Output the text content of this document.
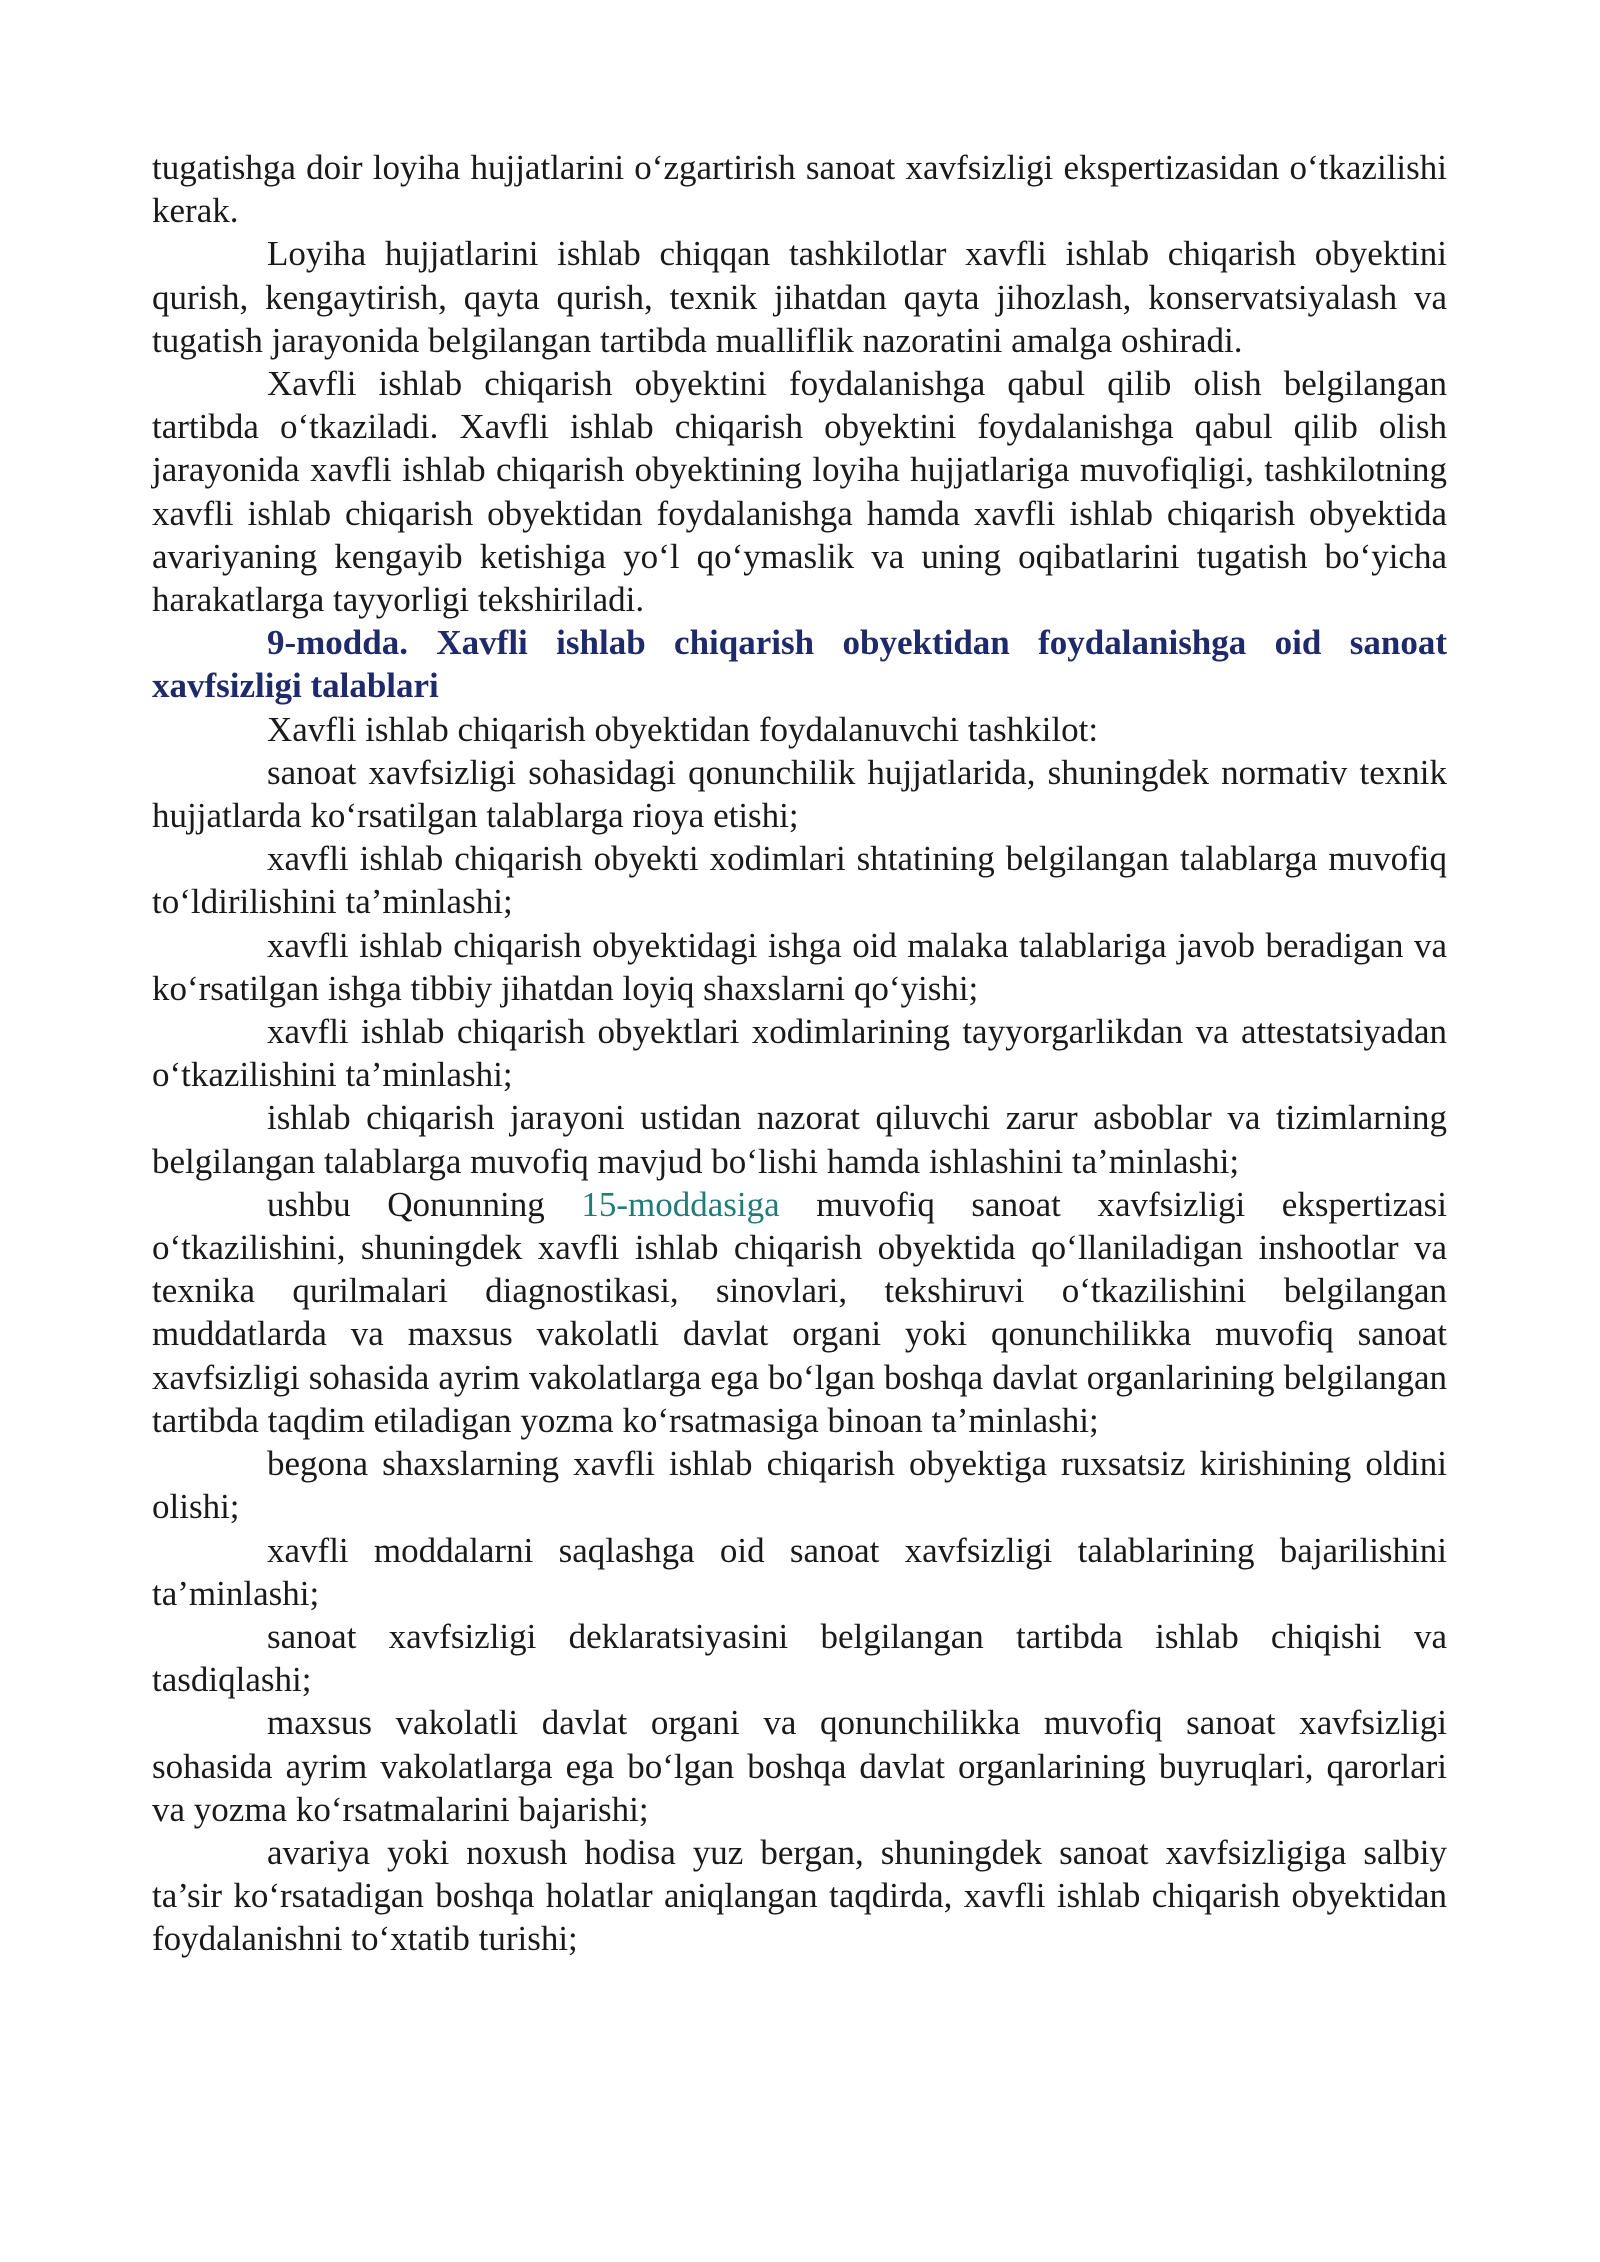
tugatishga doir loyiha hujjatlarini o‘zgartirish sanoat xavfsizligi ekspertizasidan o‘tkazilishi kerak.

Loyiha hujjatlarini ishlab chiqqan tashkilotlar xavfli ishlab chiqarish obyektini qurish, kengaytirish, qayta qurish, texnik jihatdan qayta jihozlash, konservatsiyalash va tugatish jarayonida belgilangan tartibda mualliflik nazoratini amalga oshiradi.

Xavfli ishlab chiqarish obyektini foydalanishga qabul qilib olish belgilangan tartibda o‘tkaziladi. Xavfli ishlab chiqarish obyektini foydalanishga qabul qilib olish jarayonida xavfli ishlab chiqarish obyektining loyiha hujjatlariga muvofiqligi, tashkilotning xavfli ishlab chiqarish obyektidan foydalanishga hamda xavfli ishlab chiqarish obyektida avariyaning kengayib ketishiga yo‘l qo‘ymaslik va uning oqibatlarini tugatish bo‘yicha harakatlarga tayyorligi tekshiriladi.

9-modda. Xavfli ishlab chiqarish obyektidan foydalanishga oid sanoat xavfsizligi talablari

Xavfli ishlab chiqarish obyektidan foydalanuvchi tashkilot:

sanoat xavfsizligi sohasidagi qonunchilik hujjatlarida, shuningdek normativ texnik hujjatlarda ko‘rsatilgan talablarga rioya etishi;

xavfli ishlab chiqarish obyekti xodimlari shtatining belgilangan talablarga muvofiq to‘ldirilishini ta’minlashi;

xavfli ishlab chiqarish obyektidagi ishga oid malaka talablariga javob beradigan va ko‘rsatilgan ishga tibbiy jihatdan loyiq shaxslarni qo‘yishi;

xavfli ishlab chiqarish obyektlari xodimlarining tayyorgarlikdan va attestatsiyadan o‘tkazilishini ta’minlashi;

ishlab chiqarish jarayoni ustidan nazorat qiluvchi zarur asboblar va tizimlarning belgilangan talablarga muvofiq mavjud bo‘lishi hamda ishlashini ta’minlashi;

ushbu Qonunning 15-moddasiga muvofiq sanoat xavfsizligi ekspertizasi o‘tkazilishini, shuningdek xavfli ishlab chiqarish obyektida qo‘llaniladigan inshootlar va texnika qurilmalari diagnostikasi, sinovlari, tekshiruvi o‘tkazilishini belgilangan muddatlarda va maxsus vakolatli davlat organi yoki qonunchilikka muvofiq sanoat xavfsizligi sohasida ayrim vakolatlarga ega bo‘lgan boshqa davlat organlarining belgilangan tartibda taqdim etiladigan yozma ko‘rsatmasiga binoan ta’minlashi;

begona shaxslarning xavfli ishlab chiqarish obyektiga ruxsatsiz kirishining oldini olishi;

xavfli moddalarni saqlashga oid sanoat xavfsizligi talablarining bajarilishini ta’minlashi;

sanoat xavfsizligi deklaratsiyasini belgilangan tartibda ishlab chiqishi va tasdiqlashi;

maxsus vakolatli davlat organi va qonunchilikka muvofiq sanoat xavfsizligi sohasida ayrim vakolatlarga ega bo‘lgan boshqa davlat organlarining buyruqlari, qarorlari va yozma ko‘rsatmalarini bajarishi;

avariya yoki noxush hodisa yuz bergan, shuningdek sanoat xavfsizligiga salbiy ta’sir ko‘rsatadigan boshqa holatlar aniqlangan taqdirda, xavfli ishlab chiqarish obyektidan foydalanishni to‘xtatib turishi;
